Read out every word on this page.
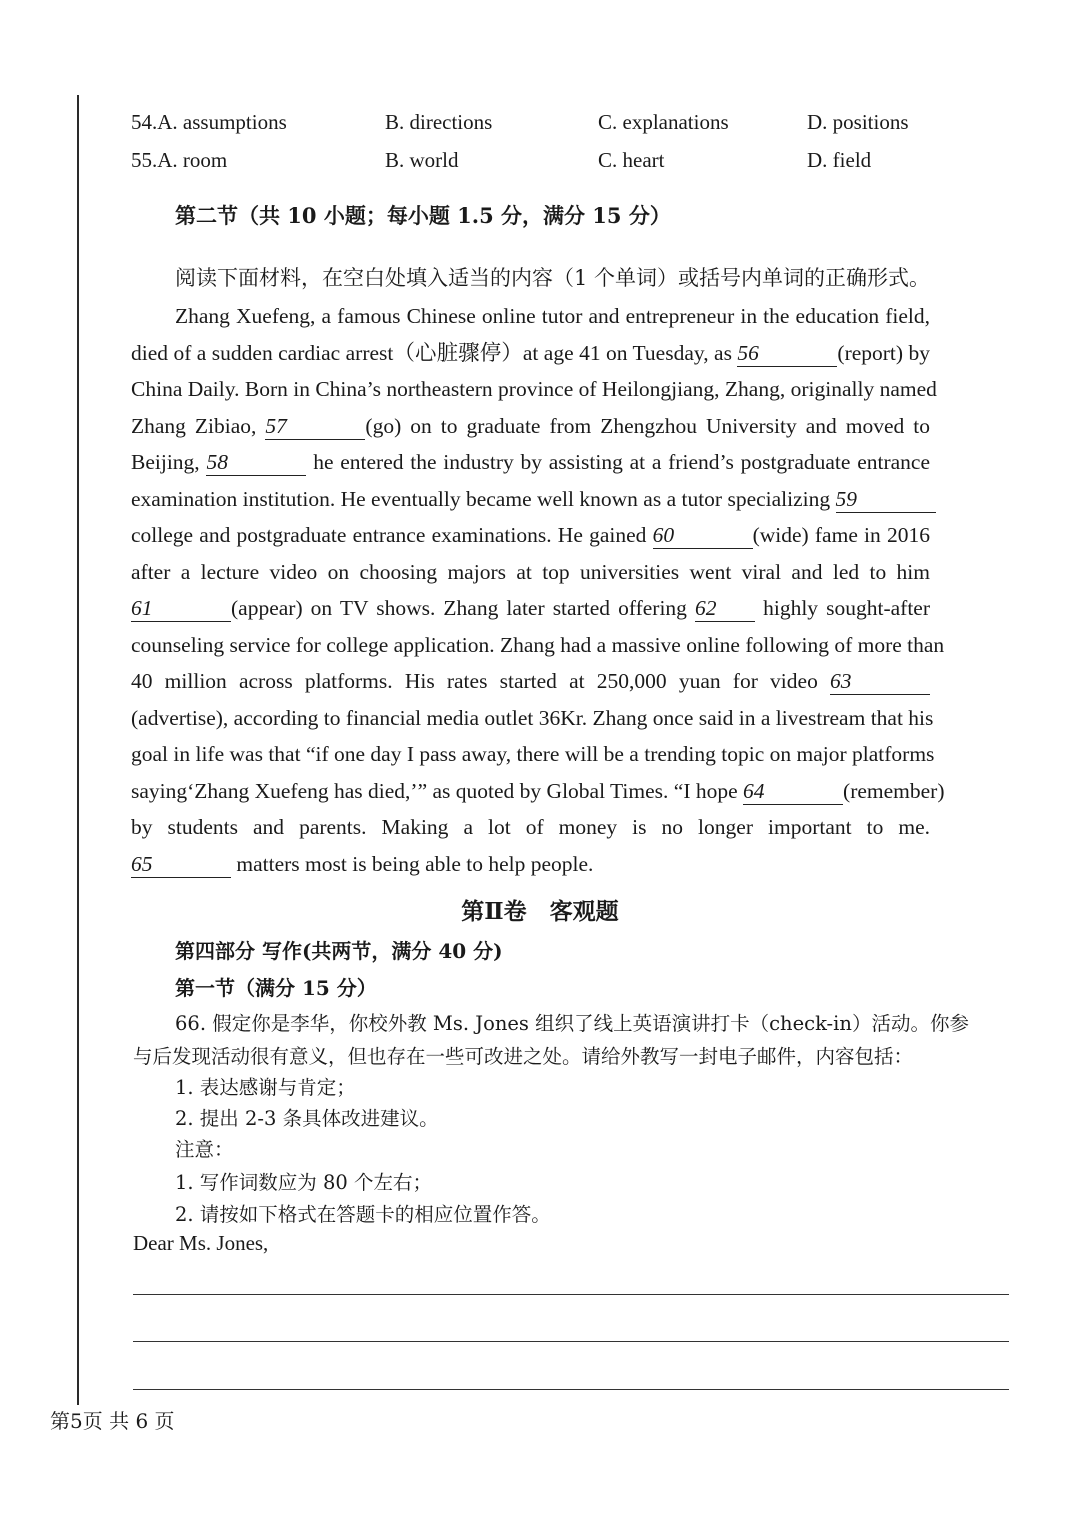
54.A. assumptions	B. directions	C. explanations	D. positions
55.A. room	B. world	C. heart	D. field
第二节（共 10 小题；每小题 1.5 分，满分 15 分）
阅读下面材料，在空白处填入适当的内容（1 个单词）或括号内单词的正确形式。
Zhang Xuefeng, a famous Chinese online tutor and entrepreneur in the education field,
died of a sudden cardiac arrest（心脏骤停）at age 41 on Tuesday, as 56	(report) by
China Daily. Born in China’s northeastern province of Heilongjiang, Zhang, originally named
Zhang Zibiao, 57	(go) on to graduate from Zhengzhou University and moved to
Beijing, 58	he entered the industry by assisting at a friend’s postgraduate entrance
examination institution. He eventually became well known as a tutor specializing 59
college and postgraduate entrance examinations. He gained 60	(wide) fame in 2016
after a lecture video on choosing majors at top universities went viral and led to him
61	(appear) on TV shows. Zhang later started offering 62 highly sought-after
counseling service for college application. Zhang had a massive online following of more than
40 million across platforms. His rates started at 250,000 yuan for video 63
(advertise), according to financial media outlet 36Kr. Zhang once said in a livestream that his
goal in life was that “if one day I pass away, there will be a trending topic on major platforms
saying‘Zhang Xuefeng has died,’” as quoted by Global Times. “I hope 64	(remember)
by students and parents. Making a lot of money is no longer important to me.
65	matters most is being able to help people.
第Ⅱ卷　客观题
第四部分 写作(共两节，满分 40 分)
第一节（满分 15 分）
66. 假定你是李华，你校外教 Ms. Jones 组织了线上英语演讲打卡（check-in）活动。你参
与后发现活动很有意义，但也存在一些可改进之处。请给外教写一封电子邮件，内容包括：
1. 表达感谢与肯定；
2. 提出 2-3 条具体改进建议。
注意：
1. 写作词数应为 80 个左右；
2. 请按如下格式在答题卡的相应位置作答。
Dear Ms. Jones,
第5页 共 6 页
